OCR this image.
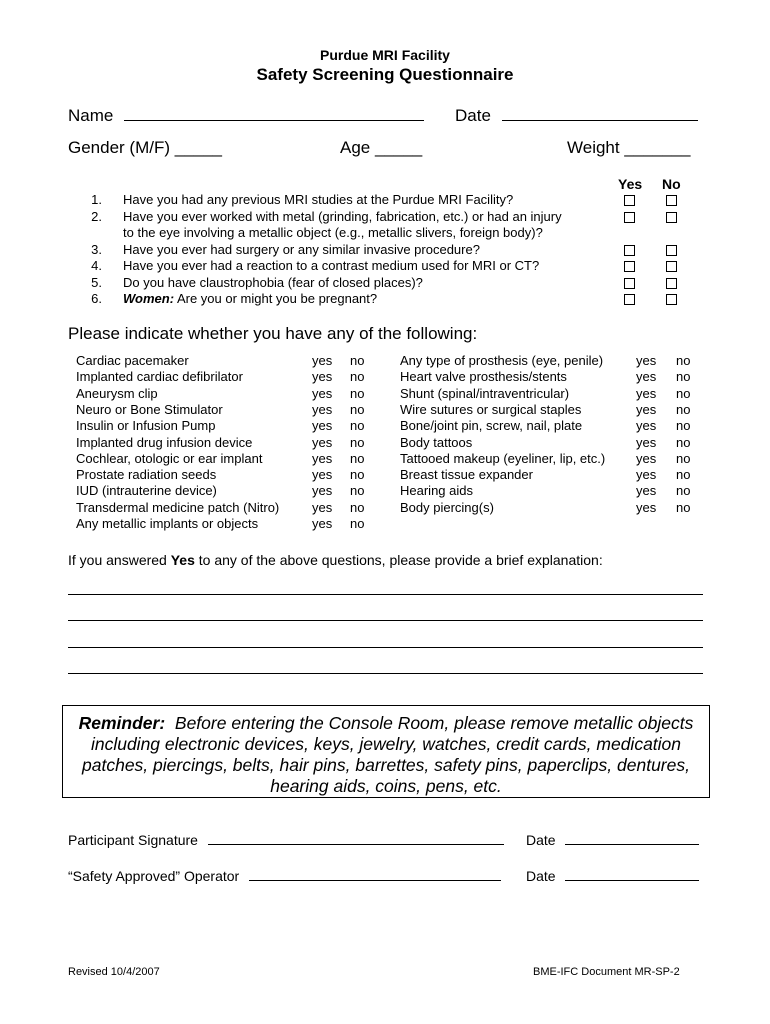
Purdue MRI Facility
Safety Screening Questionnaire
Name	Date
Gender (M/F) _____	Age _____	Weight _______
Yes No
1. Have you had any previous MRI studies at the Purdue MRI Facility?
2. Have you ever worked with metal (grinding, fabrication, etc.) or had an injury
to the eye involving a metallic object (e.g., metallic slivers, foreign body)?
3. Have you ever had surgery or any similar invasive procedure?
4. Have you ever had a reaction to a contrast medium used for MRI or CT?
5. Do you have claustrophobia (fear of closed places)?
6. Women: Are you or might you be pregnant?
Please indicate whether you have any of the following:
Cardiac pacemaker	yes no
Implanted cardiac defibrilator	yes no
Aneurysm clip	yes no
Neuro or Bone Stimulator	yes no
Insulin or Infusion Pump	yes no
Implanted drug infusion device	yes no
Cochlear, otologic or ear implant	yes no
Prostate radiation seeds	yes no
IUD (intrauterine device)	yes no
Transdermal medicine patch (Nitro)	yes no
Any metallic implants or objects	yes no
Any type of prosthesis (eye, penile)	yes no
Heart valve prosthesis/stents	yes no
Shunt (spinal/intraventricular)	yes no
Wire sutures or surgical staples	yes no
Bone/joint pin, screw, nail, plate	yes no
Body tattoos	yes no
Tattooed makeup (eyeliner, lip, etc.) yes no
Breast tissue expander	yes no
Hearing aids	yes no
Body piercing(s)	yes no
If you answered Yes to any of the above questions, please provide a brief explanation:
Reminder: Before entering the Console Room, please remove metallic objects including electronic devices, keys, jewelry, watches, credit cards, medication patches, piercings, belts, hair pins, barrettes, safety pins, paperclips, dentures, hearing aids, coins, pens, etc.
Participant Signature	Date
“Safety Approved” Operator	Date
Revised 10/4/2007	BME-IFC Document MR-SP-2
